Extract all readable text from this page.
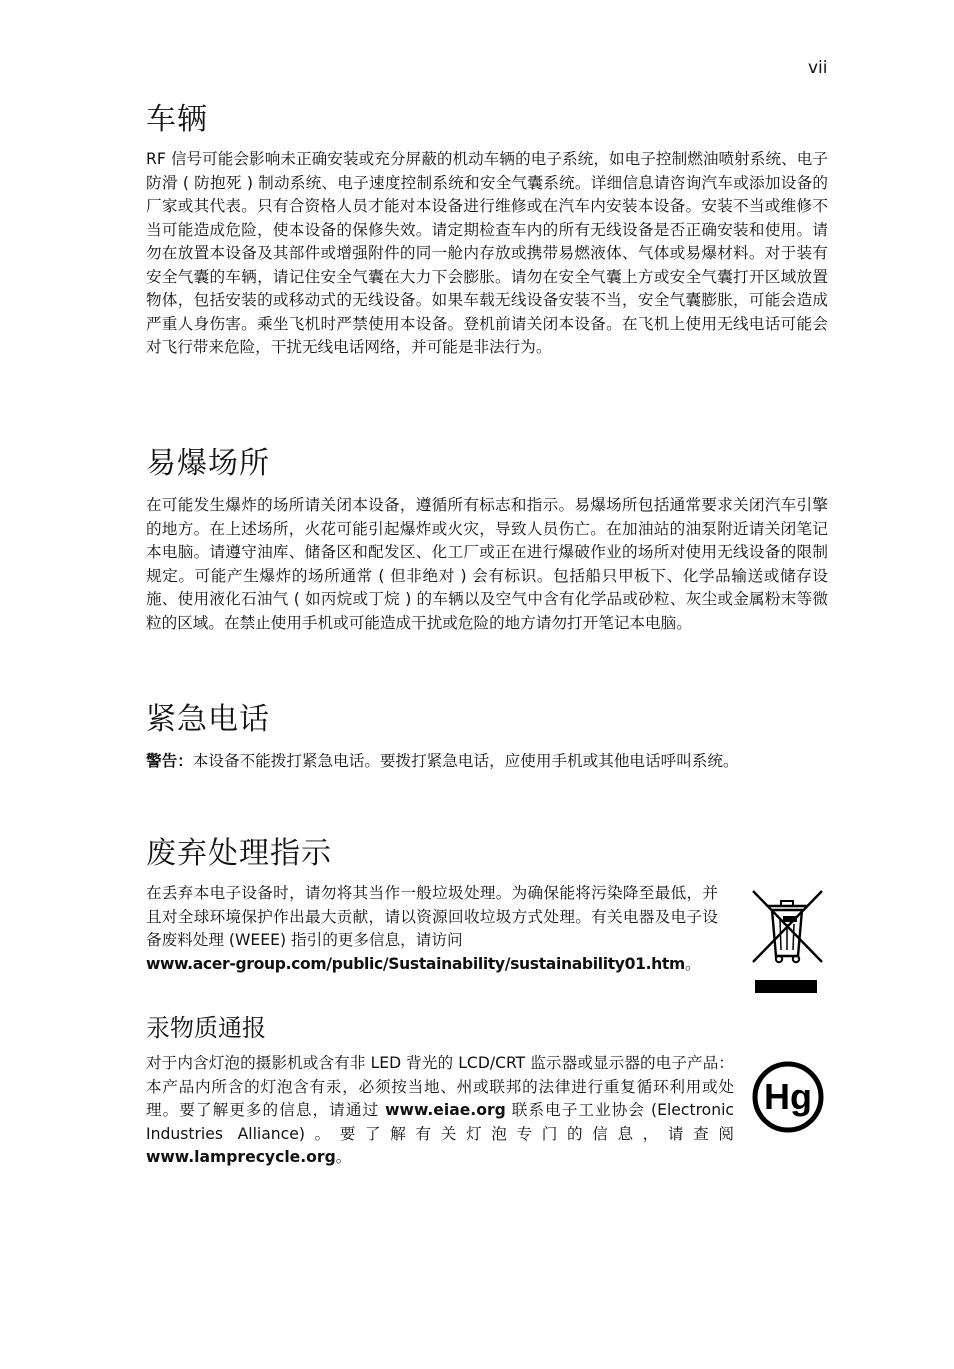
vii
车辆

RF 信号可能会影响未正确安装或充分屏蔽的机动车辆的电子系统，如电子控制燃油喷射系统、电子防滑 ( 防抱死 ) 制动系统、电子速度控制系统和安全气囊系统。详细信息请咨询汽车或添加设备的厂家或其代表。只有合资格人员才能对本设备进行维修或在汽车内安装本设备。安装不当或维修不当可能造成危险，使本设备的保修失效。请定期检查车内的所有无线设备是否正确安装和使用。请勿在放置本设备及其部件或增强附件的同一舱内存放或携带易燃液体、气体或易爆材料。对于装有安全气囊的车辆，请记住安全气囊在大力下会膨胀。请勿在安全气囊上方或安全气囊打开区域放置物体，包括安装的或移动式的无线设备。如果车载无线设备安装不当，安全气囊膨胀，可能会造成严重人身伤害。乘坐飞机时严禁使用本设备。登机前请关闭本设备。在飞机上使用无线电话可能会对飞行带来危险，干扰无线电话网络，并可能是非法行为。

易爆场所

在可能发生爆炸的场所请关闭本设备，遵循所有标志和指示。易爆场所包括通常要求关闭汽车引擎的地方。在上述场所，火花可能引起爆炸或火灾，导致人员伤亡。在加油站的油泵附近请关闭笔记本电脑。请遵守油库、储备区和配发区、化工厂或正在进行爆破作业的场所对使用无线设备的限制规定。可能产生爆炸的场所通常 ( 但非绝对 ) 会有标识。包括船只甲板下、化学品输送或储存设施、使用液化石油气 ( 如丙烷或丁烷 ) 的车辆以及空气中含有化学品或砂粒、灰尘或金属粉末等微粒的区域。在禁止使用手机或可能造成干扰或危险的地方请勿打开笔记本电脑。

紧急电话

警告：本设备不能拨打紧急电话。要拨打紧急电话，应使用手机或其他电话呼叫系统。

废弃处理指示

在丢弃本电子设备时，请勿将其当作一般垃圾处理。为确保能将污染降至最低，并且对全球环境保护作出最大贡献，请以资源回收垃圾方式处理。有关电器及电子设备废料处理 (WEEE) 指引的更多信息，请访问

www.acer-group.com/public/Sustainability/sustainability01.htm。

汞物质通报

对于内含灯泡的摄影机或含有非 LED 背光的 LCD/CRT 监示器或显示器的电子产品：本产品内所含的灯泡含有汞，必须按当地、州或联邦的法律进行重复循环利用或处理。要了解更多的信息，请通过 www.eiae.org 联系电子工业协会 (Electronic Industries Alliance)。要了解有关灯泡专门的信息，请查阅 www.lamprecycle.org。

Hg
